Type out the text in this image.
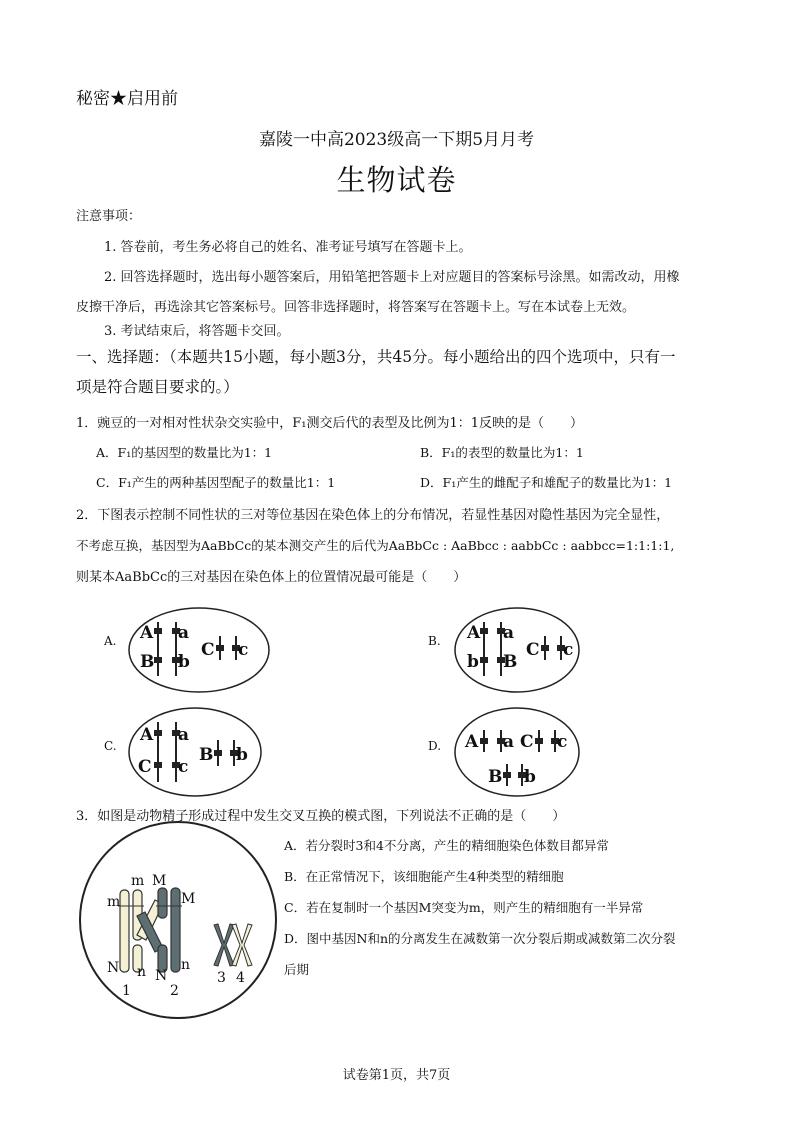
秘密★启用前
嘉陵一中高2023级高一下期5月月考
生物试卷
注意事项：
1. 答卷前，考生务必将自己的姓名、准考证号填写在答题卡上。
2. 回答选择题时，选出每小题答案后，用铅笔把答题卡上对应题目的答案标号涂黑。如需改动，用橡
皮擦干净后，再选涂其它答案标号。回答非选择题时，将答案写在答题卡上。写在本试卷上无效。
3. 考试结束后，将答题卡交回。
一、选择题：（本题共15小题，每小题3分，共45分。每小题给出的四个选项中，只有一
项是符合题目要求的。）
1．豌豆的一对相对性状杂交实验中，F₁测交后代的表型及比例为1：1反映的是（　　）
A．F₁的基因型的数量比为1：1	B．F₁的表型的数量比为1：1
C．F₁产生的两种基因型配子的数量比1：1	D．F₁产生的雌配子和雄配子的数量比为1：1
2．下图表示控制不同性状的三对等位基因在染色体上的分布情况，若显性基因对隐性基因为完全显性，
不考虑互换，基因型为AaBbCc的某本测交产生的后代为AaBbCc : AaBbcc : aabbCc : aabbcc=1:1:1:1,
则某本AaBbCc的三对基因在染色体上的位置情况最可能是（　　）
A.	B.
C.	D.
A a
B b
C c
A a
b B
C c
A a
C c
B b
A a C c
B b
3．如图是动物精子形成过程中发生交叉互换的模式图，下列说法不正确的是（　　）
A．若分裂时3和4不分离，产生的精细胞染色体数目都异常
B．在正常情况下，该细胞能产生4种类型的精细胞
C．若在复制时一个基因M突变为m，则产生的精细胞有一半异常
D．图中基因N和n的分离发生在减数第一次分裂后期或减数第二次分裂
后期
m M
m	M
N n N
n
1	2
3 4
试卷第1页，共7页
